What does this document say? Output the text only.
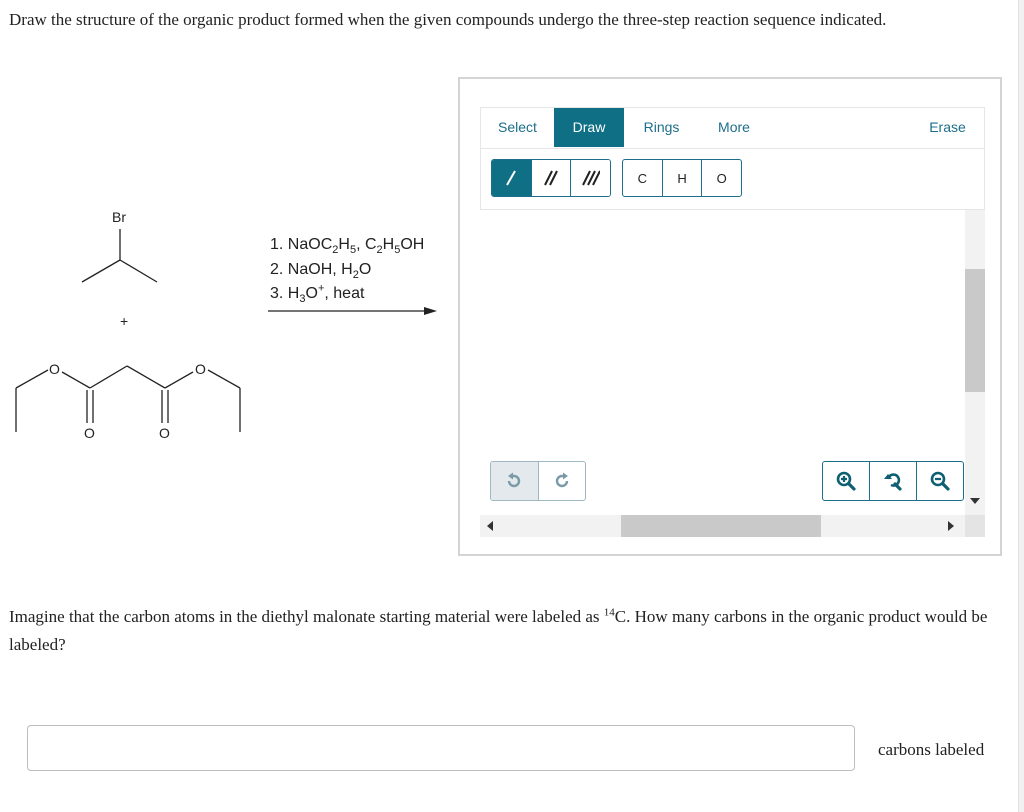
Draw the structure of the organic product formed when the given compounds undergo the three-step reaction sequence indicated.
Br
+
O	O
O	O
1. $NaOC_2H_5$, $C_2H_5OH$
2. NaOH, $H_2O$
3. $H_3O^+$, heat
Select	Draw	Rings	More	Erase
C	H	O
Imagine that the carbon atoms in the diethyl malonate starting material were labeled as $^{14}$C. How many carbons in the organic product would be labeled?
carbons labeled
